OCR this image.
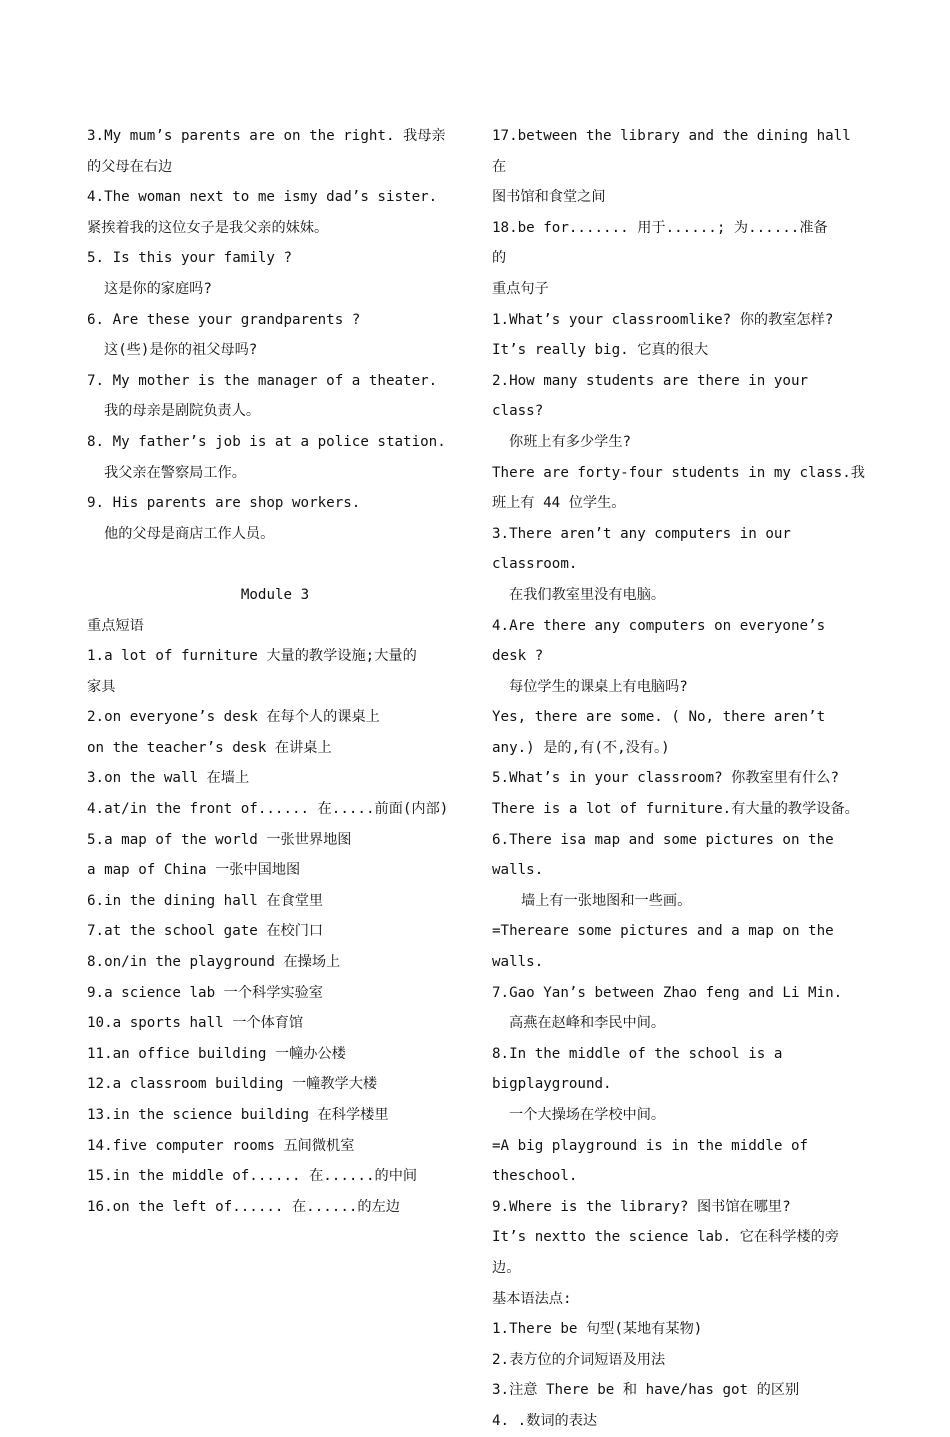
3.My mum’s parents are on the right. 我母亲
的父母在右边
4.The woman next to me ismy dad’s sister.
紧挨着我的这位女子是我父亲的妹妹。
5. Is this your family ?
这是你的家庭吗?
6. Are these your grandparents ?
这(些)是你的祖父母吗?
7. My mother is the manager of a theater.
我的母亲是剧院负责人。
8. My father’s job is at a police station.
我父亲在警察局工作。
9. His parents are shop workers.
他的父母是商店工作人员。
Module 3
重点短语
1.a lot of furniture 大量的教学设施;大量的
家具
2.on everyone’s desk 在每个人的课桌上
on the teacher’s desk 在讲桌上
3.on the wall 在墙上
4.at/in the front of...... 在.....前面(内部)
5.a map of the world 一张世界地图
a map of China 一张中国地图
6.in the dining hall 在食堂里
7.at the school gate 在校门口
8.on/in the playground 在操场上
9.a science lab 一个科学实验室
10.a sports hall 一个体育馆
11.an office building 一幢办公楼
12.a classroom building 一幢教学大楼
13.in the science building 在科学楼里
14.five computer rooms 五间微机室
15.in the middle of...... 在......的中间
16.on the left of...... 在......的左边
17.between the library and the dining hall 在
图书馆和食堂之间
18.be for....... 用于......; 为......准备
的
重点句子
1.What’s your classroomlike? 你的教室怎样?
It’s really big. 它真的很大
2.How many students are there in your class?
你班上有多少学生?
There are forty-four students in my class.我
班上有 44 位学生。
3.There aren’t any computers in our classroom.
在我们教室里没有电脑。
4.Are there any computers on everyone’s desk ?
每位学生的课桌上有电脑吗?
Yes, there are some. ( No, there aren’t
any.) 是的,有(不,没有。)
5.What’s in your classroom? 你教室里有什么?
There is a lot of furniture.有大量的教学设备。
6.There isa map and some pictures on the walls.
墙上有一张地图和一些画。
=Thereare some pictures and a map on the walls.
7.Gao Yan’s between Zhao feng and Li Min.
高燕在赵峰和李民中间。
8.In the middle of the school is a
bigplayground.
一个大操场在学校中间。
=A big playground is in the middle of theschool.
9.Where is the library? 图书馆在哪里?
It’s nextto the science lab. 它在科学楼的旁
边。
基本语法点:
1.There be 句型(某地有某物)
2.表方位的介词短语及用法
3.注意 There be 和 have/has got 的区别
4. .数词的表达
